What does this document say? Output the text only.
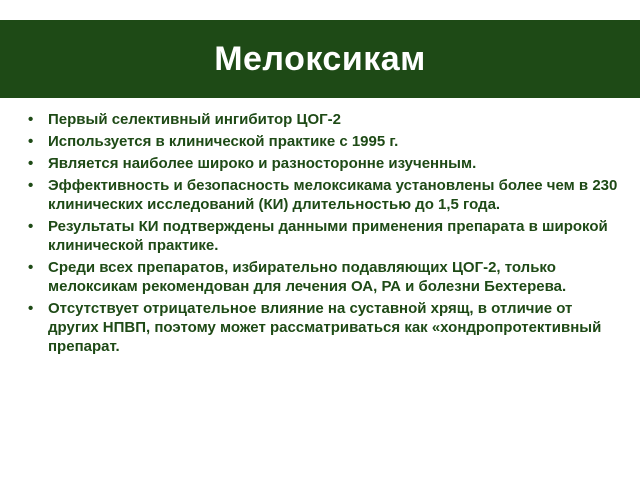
Мелоксикам
• Первый селективный ингибитор ЦОГ-2
• Используется в клинической практике с 1995 г.
• Является наиболее широко и разносторонне изученным.
• Эффективность и безопасность мелоксикама установлены более чем в 230 клинических исследований (КИ) длительностью до 1,5 года.
• Результаты КИ подтверждены данными применения препарата в широкой клинической практике.
• Среди всех препаратов, избирательно подавляющих ЦОГ-2, только мелоксикам рекомендован для лечения ОА, РА и болезни Бехтерева.
• Отсутствует отрицательное влияние на суставной хрящ, в отличие от других НПВП, поэтому может рассматриваться как «хондропротективный препарат.
